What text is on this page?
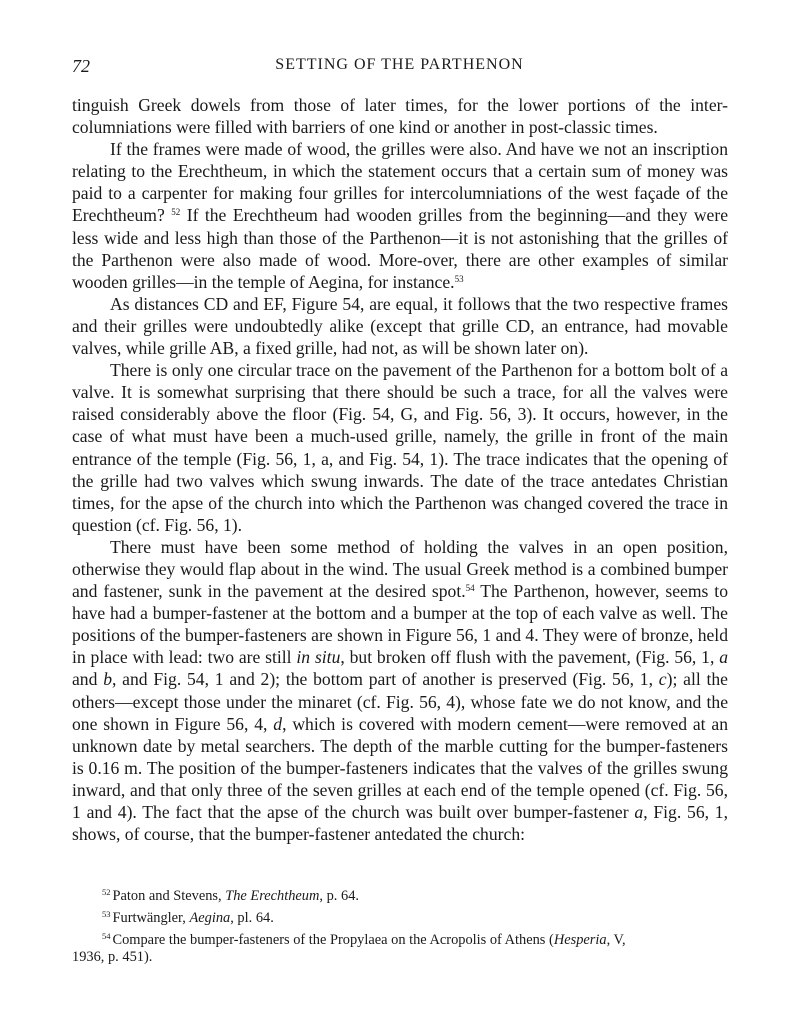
72	SETTING OF THE PARTHENON

tinguish Greek dowels from those of later times, for the lower portions of the inter-columniations were filled with barriers of one kind or another in post-classic times.

If the frames were made of wood, the grilles were also. And have we not an inscription relating to the Erechtheum, in which the statement occurs that a certain sum of money was paid to a carpenter for making four grilles for intercolumniations of the west façade of the Erechtheum? $^{52}$ If the Erechtheum had wooden grilles from the beginning—and they were less wide and less high than those of the Parthenon—it is not astonishing that the grilles of the Parthenon were also made of wood. More-over, there are other examples of similar wooden grilles—in the temple of Aegina, for instance.$^{53}$

As distances CD and EF, Figure 54, are equal, it follows that the two respective frames and their grilles were undoubtedly alike (except that grille CD, an entrance, had movable valves, while grille AB, a fixed grille, had not, as will be shown later on).

There is only one circular trace on the pavement of the Parthenon for a bottom bolt of a valve. It is somewhat surprising that there should be such a trace, for all the valves were raised considerably above the floor (Fig. 54, G, and Fig. 56, 3). It occurs, however, in the case of what must have been a much-used grille, namely, the grille in front of the main entrance of the temple (Fig. 56, 1, a, and Fig. 54, 1). The trace indicates that the opening of the grille had two valves which swung inwards. The date of the trace antedates Christian times, for the apse of the church into which the Parthenon was changed covered the trace in question (cf. Fig. 56, 1).

There must have been some method of holding the valves in an open position, otherwise they would flap about in the wind. The usual Greek method is a combined bumper and fastener, sunk in the pavement at the desired spot.$^{54}$ The Parthenon, however, seems to have had a bumper-fastener at the bottom and a bumper at the top of each valve as well. The positions of the bumper-fasteners are shown in Figure 56, 1 and 4. They were of bronze, held in place with lead: two are still in situ, but broken off flush with the pavement, (Fig. 56, 1, a and b, and Fig. 54, 1 and 2); the bottom part of another is preserved (Fig. 56, 1, c); all the others—except those under the minaret (cf. Fig. 56, 4), whose fate we do not know, and the one shown in Figure 56, 4, d, which is covered with modern cement—were removed at an unknown date by metal searchers. The depth of the marble cutting for the bumper-fasteners is 0.16 m. The position of the bumper-fasteners indicates that the valves of the grilles swung inward, and that only three of the seven grilles at each end of the temple opened (cf. Fig. 56, 1 and 4). The fact that the apse of the church was built over bumper-fastener a, Fig. 56, 1, shows, of course, that the bumper-fastener antedated the church:

$^{52}$ Paton and Stevens, The Erechtheum, p. 64.

$^{53}$ Furtwängler, Aegina, pl. 64.

$^{54}$ Compare the bumper-fasteners of the Propylaea on the Acropolis of Athens (Hesperia, V,
1936, p. 451).
